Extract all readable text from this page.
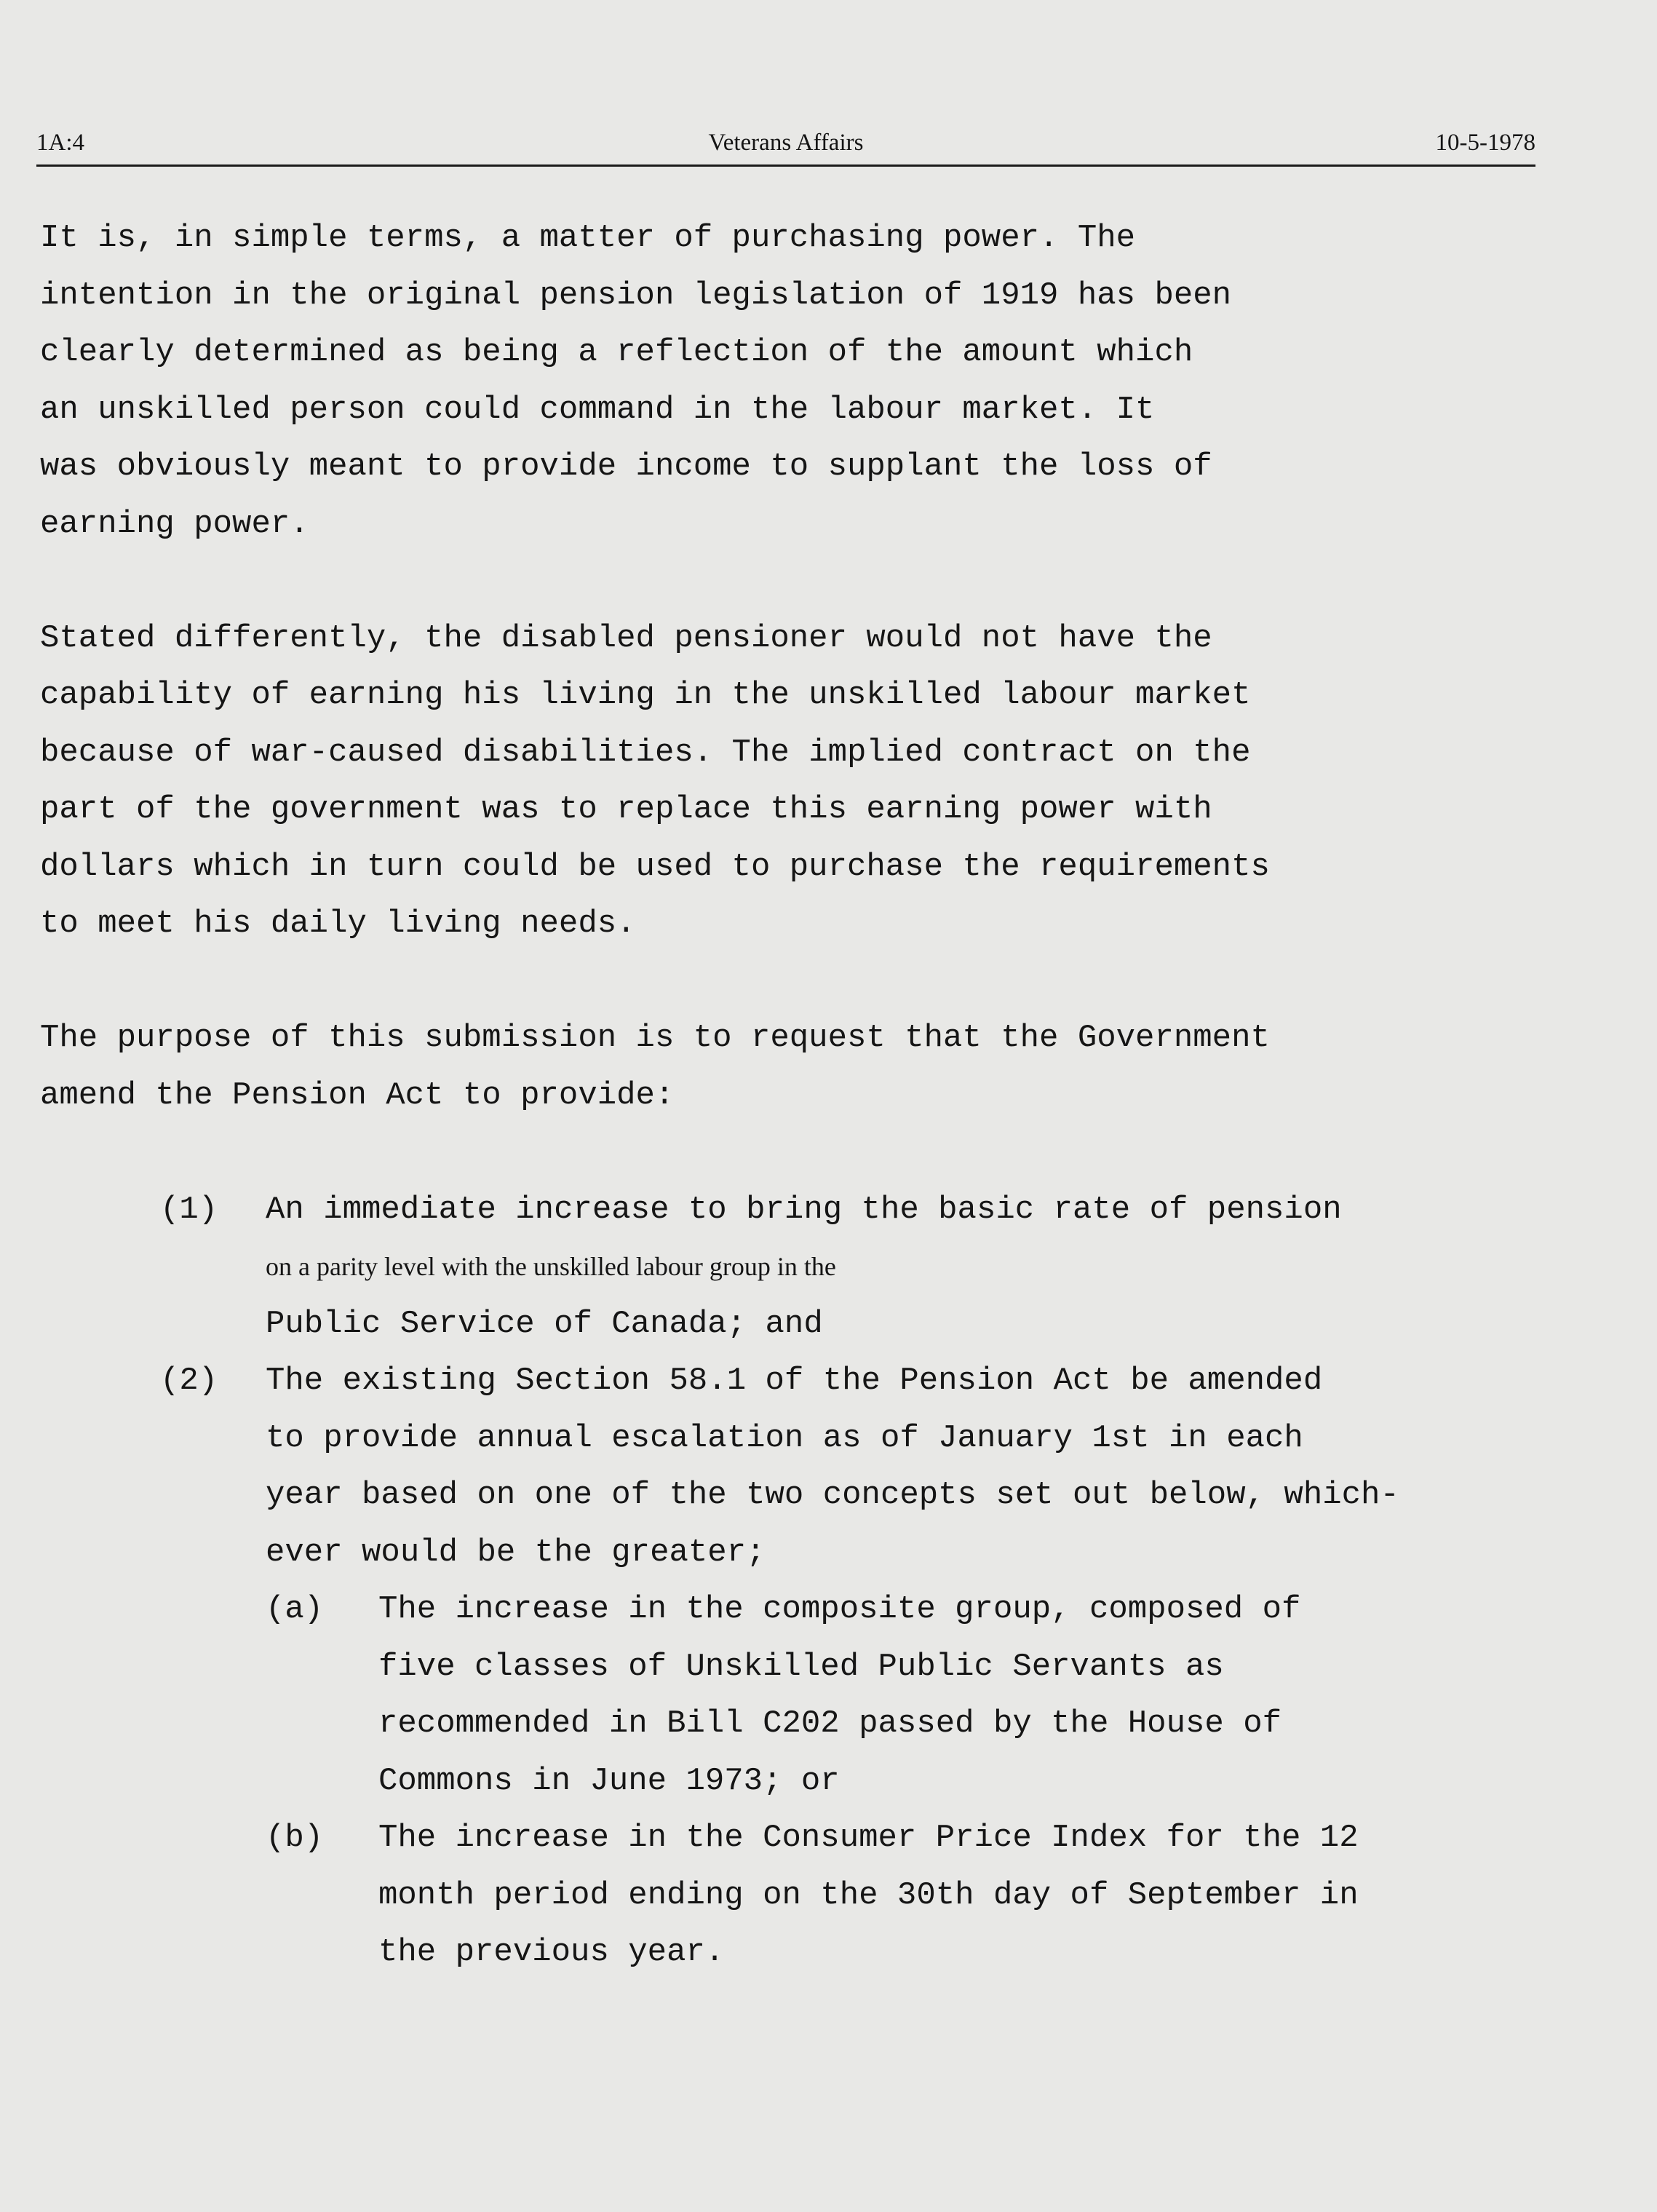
1A:4	Veterans Affairs	10-5-1978
It is, in simple terms, a matter of purchasing power. The
intention in the original pension legislation of 1919 has been
clearly determined as being a reflection of the amount which
an unskilled person could command in the labour market. It
was obviously meant to provide income to supplant the loss of
earning power.
Stated differently, the disabled pensioner would not have the
capability of earning his living in the unskilled labour market
because of war-caused disabilities. The implied contract on the
part of the government was to replace this earning power with
dollars which in turn could be used to purchase the requirements
to meet his daily living needs.
The purpose of this submission is to request that the Government
amend the Pension Act to provide:
(1) An immediate increase to bring the basic rate of pension
on a parity level with the unskilled labour group in the
Public Service of Canada; and
(2) The existing Section 58.1 of the Pension Act be amended
to provide annual escalation as of January 1st in each
year based on one of the two concepts set out below, which-
ever would be the greater;
(a) The increase in the composite group, composed of
five classes of Unskilled Public Servants as
recommended in Bill C202 passed by the House of
Commons in June 1973; or
(b) The increase in the Consumer Price Index for the 12
month period ending on the 30th day of September in
the previous year.
